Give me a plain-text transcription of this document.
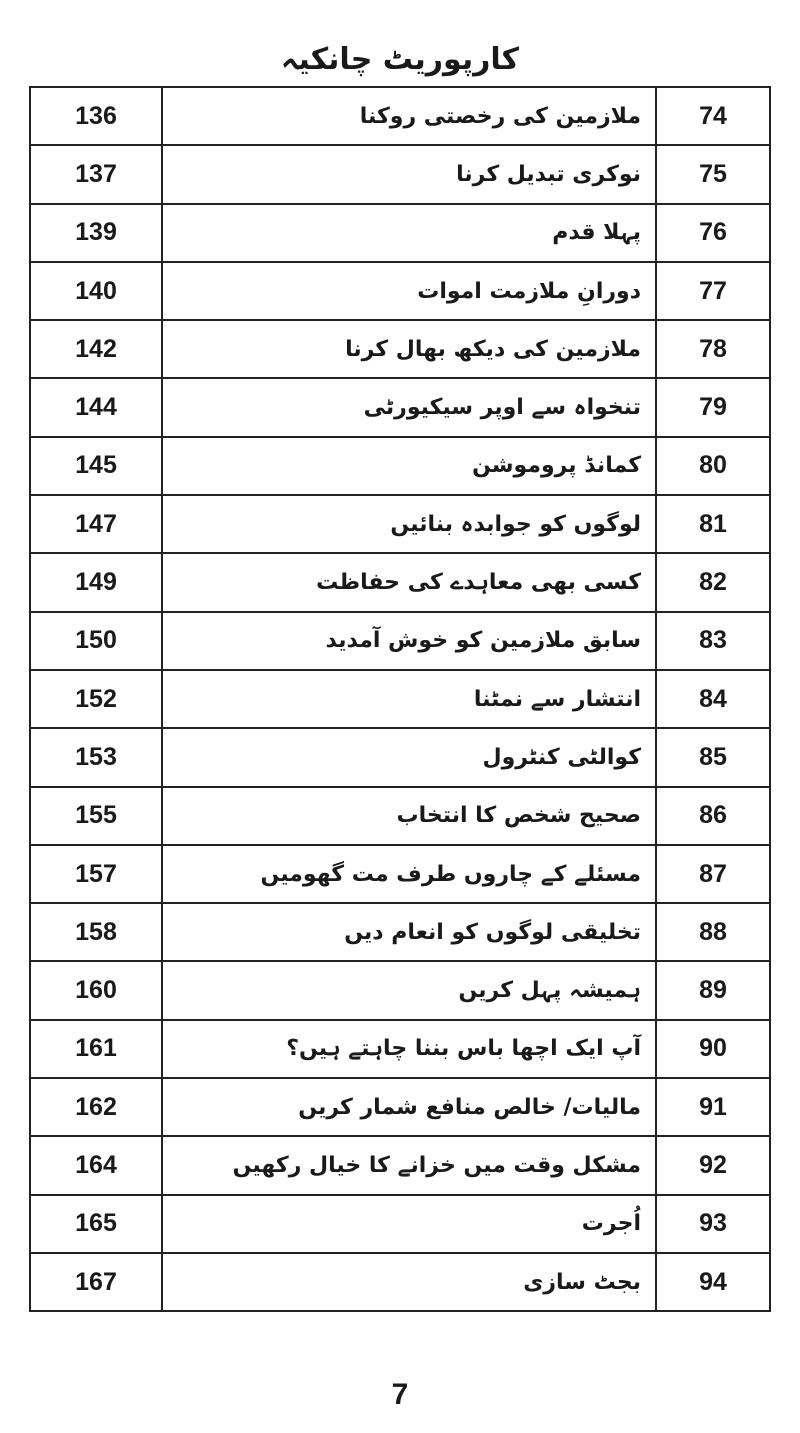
کارپوریٹ چانکیہ
136	ملازمین کی رخصتی روکنا	74
137	نوکری تبدیل کرنا	75
139	پہلا قدم	76
140	دورانِ ملازمت اموات	77
142	ملازمین کی دیکھ بھال کرنا	78
144	تنخواہ سے اوپر سیکیورٹی	79
145	کمانڈ پروموشن	80
147	لوگوں کو جوابدہ بنائیں	81
149	کسی بھی معاہدے کی حفاظت	82
150	سابق ملازمین کو خوش آمدید	83
152	انتشار سے نمٹنا	84
153	کوالٹی کنٹرول	85
155	صحیح شخص کا انتخاب	86
157	مسئلے کے چاروں طرف مت گھومیں	87
158	تخلیقی لوگوں کو انعام دیں	88
160	ہمیشہ پہل کریں	89
161	آپ ایک اچھا باس بننا چاہتے ہیں؟	90
162	مالیات/ خالص منافع شمار کریں	91
164	مشکل وقت میں خزانے کا خیال رکھیں	92
165	اُجرت	93
167	بجٹ سازی	94
7
